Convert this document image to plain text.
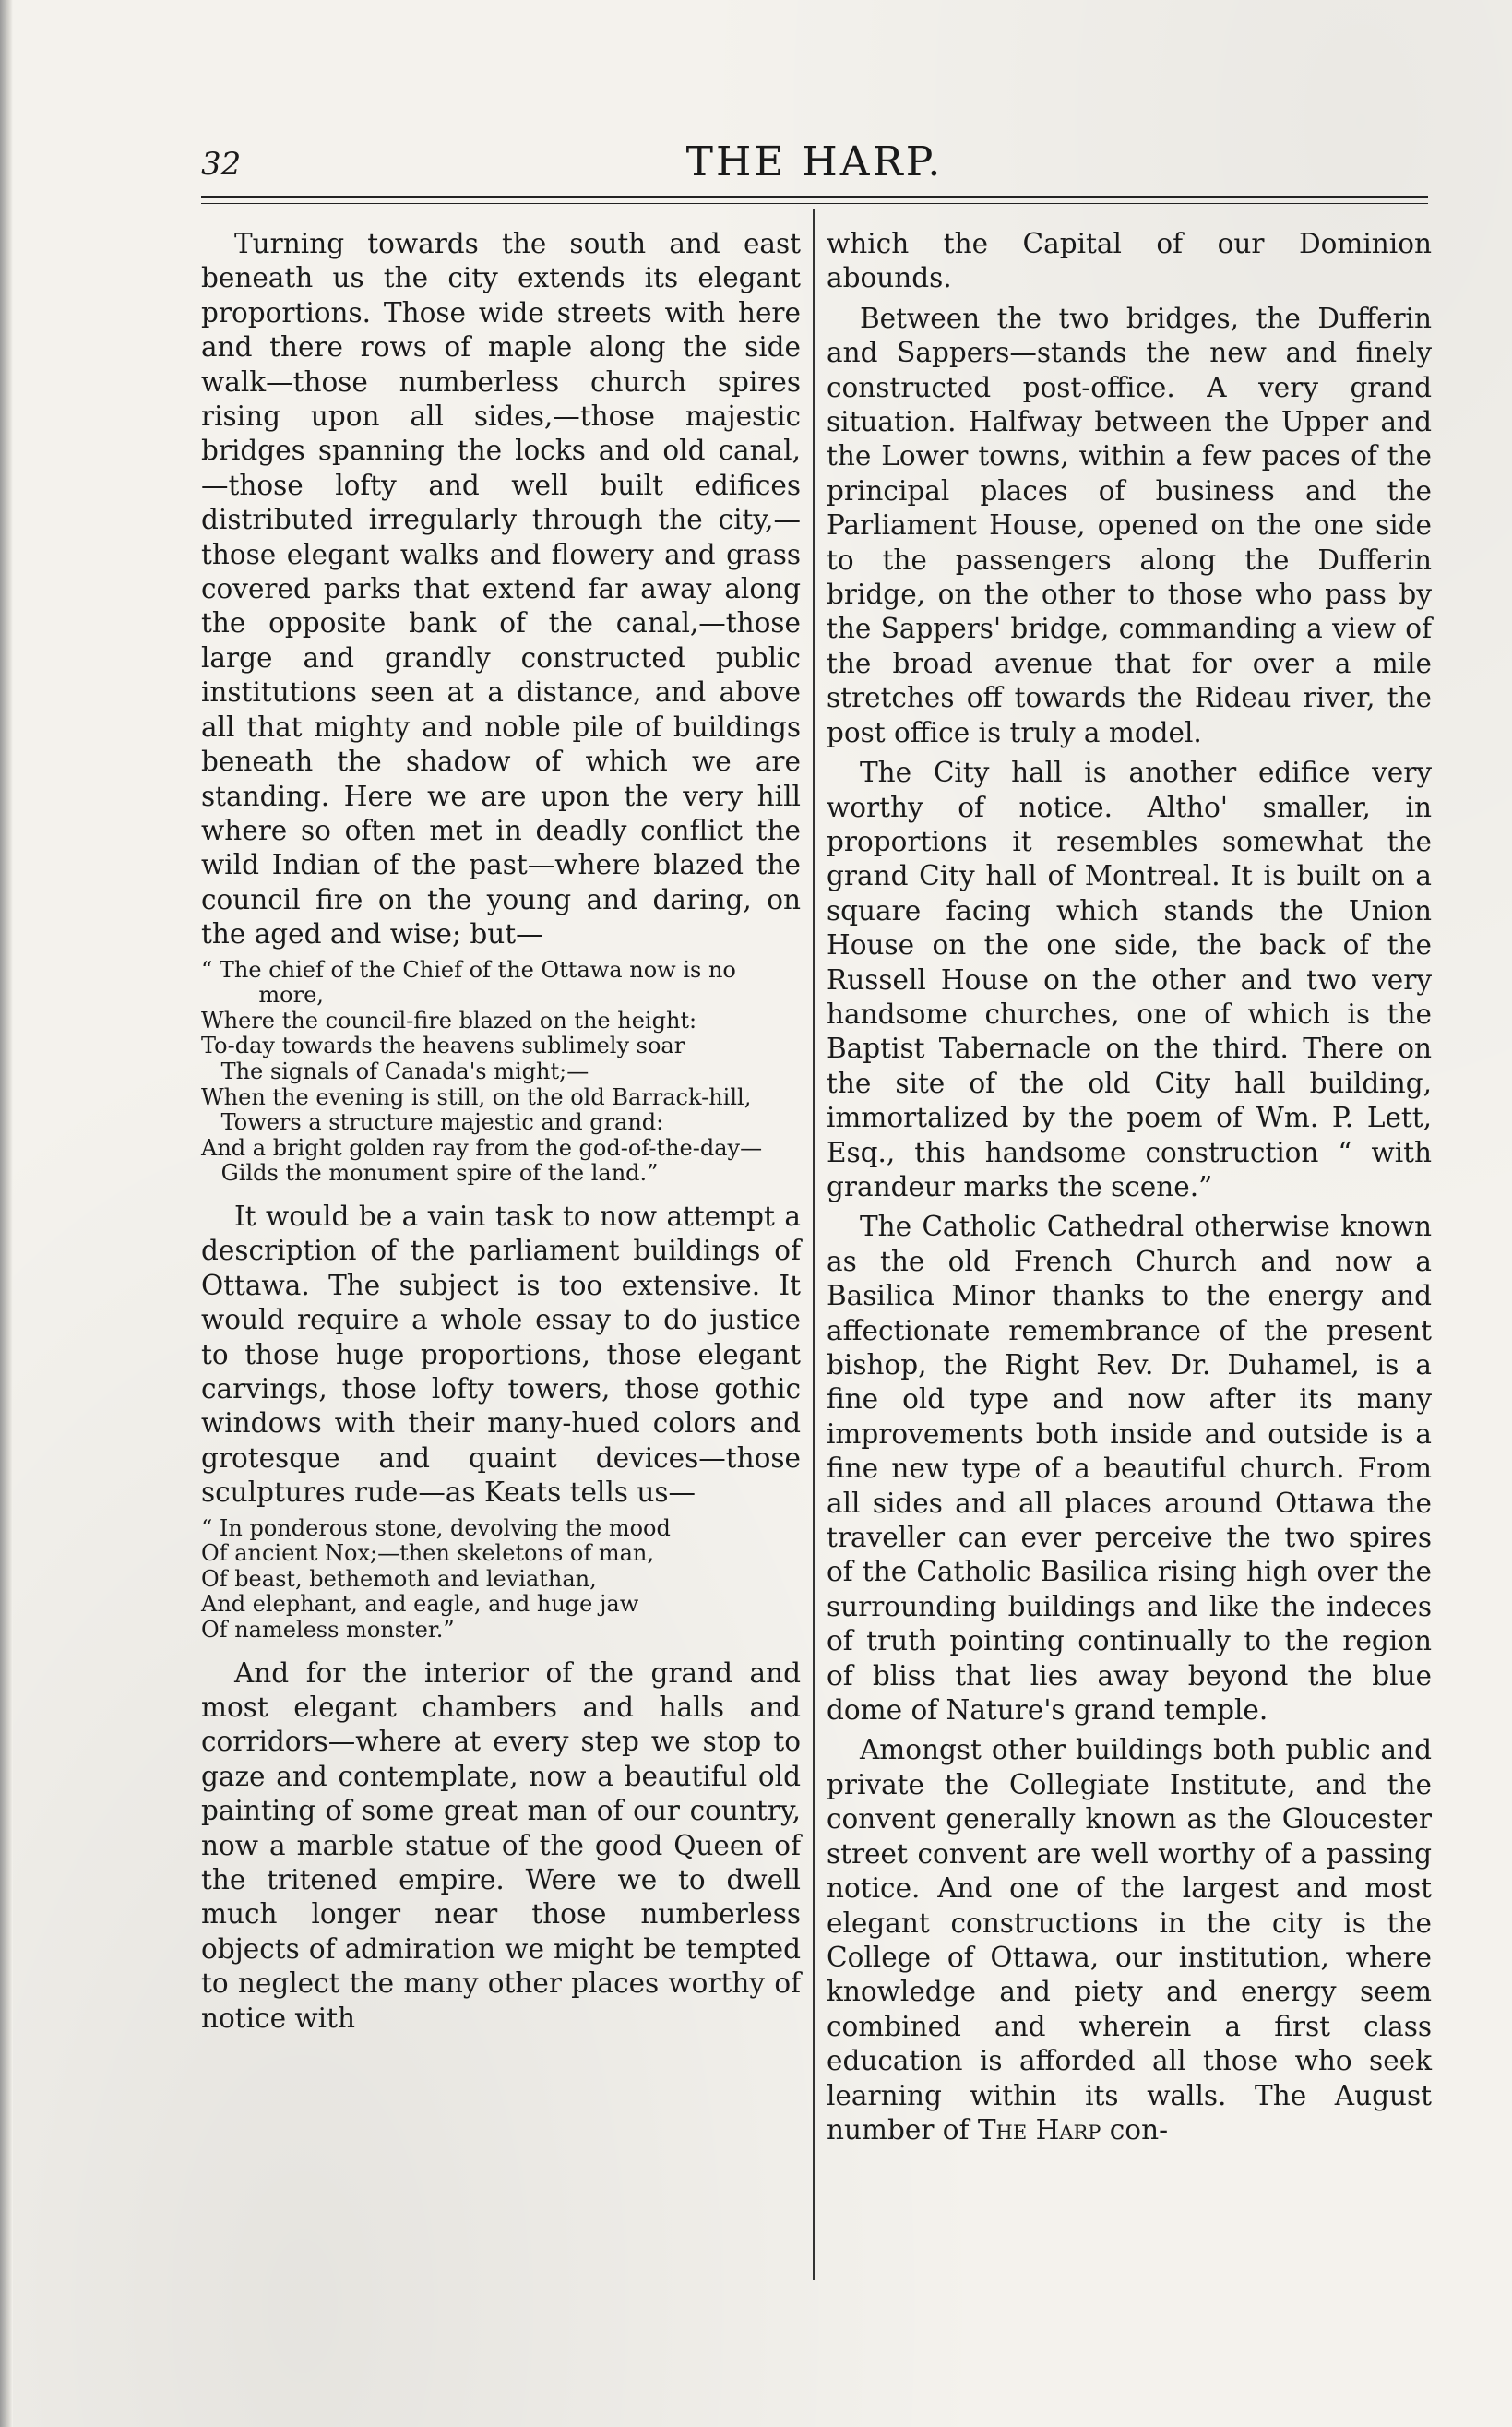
32	THE HARP.

Turning towards the south and east beneath us the city extends its elegant proportions. Those wide streets with here and there rows of maple along the side walk—those numberless church spires rising upon all sides,—those majestic bridges spanning the locks and old canal,—those lofty and well built edifices distributed irregularly through the city,—those elegant walks and flowery and grass covered parks that extend far away along the opposite bank of the canal,—those large and grandly constructed public institutions seen at a distance, and above all that mighty and noble pile of buildings beneath the shadow of which we are standing. Here we are upon the very hill where so often met in deadly conflict the wild Indian of the past—where blazed the council fire on the young and daring, on the aged and wise; but—

“ The chief of the Chief of the Ottawa now is no more,
Where the council-fire blazed on the height:
To-day towards the heavens sublimely soar
The signals of Canada's might;—
When the evening is still, on the old Barrack-hill,
Towers a structure majestic and grand:
And a bright golden ray from the god-of-the-day—
Gilds the monument spire of the land.”

It would be a vain task to now attempt a description of the parliament buildings of Ottawa. The subject is too extensive. It would require a whole essay to do justice to those huge proportions, those elegant carvings, those lofty towers, those gothic windows with their many-hued colors and grotesque and quaint devices—those sculptures rude—as Keats tells us—

“ In ponderous stone, devolving the mood
Of ancient Nox;—then skeletons of man,
Of beast, bethemoth and leviathan,
And elephant, and eagle, and huge jaw
Of nameless monster.”

And for the interior of the grand and most elegant chambers and halls and corridors—where at every step we stop to gaze and contemplate, now a beautiful old painting of some great man of our country, now a marble statue of the good Queen of the tritened empire. Were we to dwell much longer near those numberless objects of admiration we might be tempted to neglect the many other places worthy of notice with

which the Capital of our Dominion abounds.

Between the two bridges, the Dufferin and Sappers—stands the new and finely constructed post-office. A very grand situation. Halfway between the Upper and the Lower towns, within a few paces of the principal places of business and the Parliament House, opened on the one side to the passengers along the Dufferin bridge, on the other to those who pass by the Sappers' bridge, commanding a view of the broad avenue that for over a mile stretches off towards the Rideau river, the post office is truly a model.

The City hall is another edifice very worthy of notice. Altho' smaller, in proportions it resembles somewhat the grand City hall of Montreal. It is built on a square facing which stands the Union House on the one side, the back of the Russell House on the other and two very handsome churches, one of which is the Baptist Tabernacle on the third. There on the site of the old City hall building, immortalized by the poem of Wm. P. Lett, Esq., this handsome construction “ with grandeur marks the scene.”

The Catholic Cathedral otherwise known as the old French Church and now a Basilica Minor thanks to the energy and affectionate remembrance of the present bishop, the Right Rev. Dr. Duhamel, is a fine old type and now after its many improvements both inside and outside is a fine new type of a beautiful church. From all sides and all places around Ottawa the traveller can ever perceive the two spires of the Catholic Basilica rising high over the surrounding buildings and like the indeces of truth pointing continually to the region of bliss that lies away beyond the blue dome of Nature's grand temple.

Amongst other buildings both public and private the Collegiate Institute, and the convent generally known as the Gloucester street convent are well worthy of a passing notice. And one of the largest and most elegant constructions in the city is the College of Ottawa, our institution, where knowledge and piety and energy seem combined and wherein a first class education is afforded all those who seek learning within its walls. The August number of The Harp con-
